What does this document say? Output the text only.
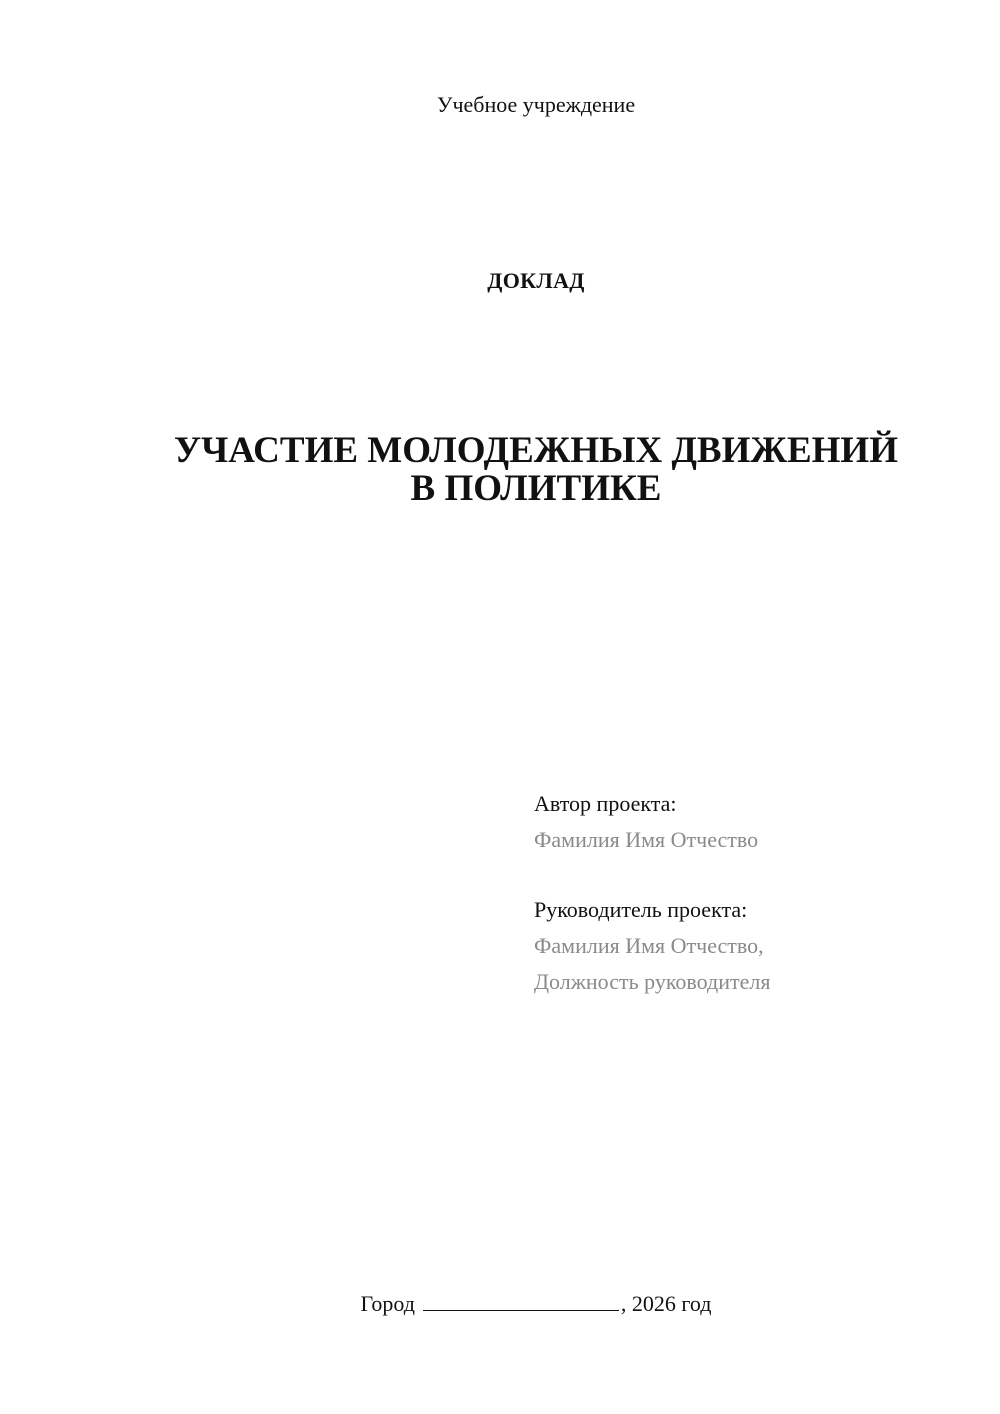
Учебное учреждение
ДОКЛАД
УЧАСТИЕ МОЛОДЕЖНЫХ ДВИЖЕНИЙ
В ПОЛИТИКЕ
Автор проекта:
Фамилия Имя Отчество
Руководитель проекта:
Фамилия Имя Отчество,
Должность руководителя
Город	, 2026 год
